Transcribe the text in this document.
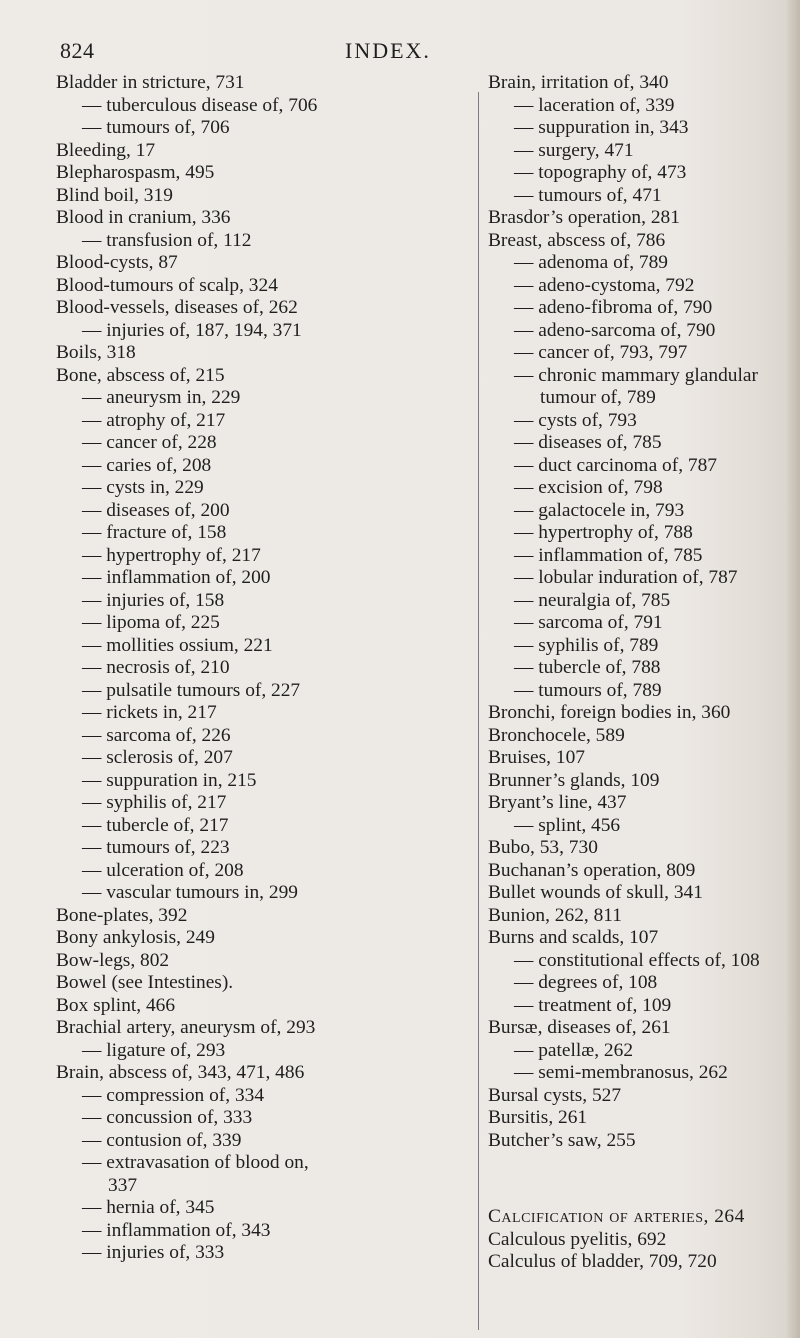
824	INDEX.
Bladder in stricture, 731
— tuberculous disease of, 706
— tumours of, 706
Bleeding, 17
Blepharospasm, 495
Blind boil, 319
Blood in cranium, 336
— transfusion of, 112
Blood-cysts, 87
Blood-tumours of scalp, 324
Blood-vessels, diseases of, 262
— injuries of, 187, 194, 371
Boils, 318
Bone, abscess of, 215
— aneurysm in, 229
— atrophy of, 217
— cancer of, 228
— caries of, 208
— cysts in, 229
— diseases of, 200
— fracture of, 158
— hypertrophy of, 217
— inflammation of, 200
— injuries of, 158
— lipoma of, 225
— mollities ossium, 221
— necrosis of, 210
— pulsatile tumours of, 227
— rickets in, 217
— sarcoma of, 226
— sclerosis of, 207
— suppuration in, 215
— syphilis of, 217
— tubercle of, 217
— tumours of, 223
— ulceration of, 208
— vascular tumours in, 299
Bone-plates, 392
Bony ankylosis, 249
Bow-legs, 802
Bowel (see Intestines).
Box splint, 466
Brachial artery, aneurysm of, 293
— ligature of, 293
Brain, abscess of, 343, 471, 486
— compression of, 334
— concussion of, 333
— contusion of, 339
— extravasation of blood on,
337
— hernia of, 345
— inflammation of, 343
— injuries of, 333
Brain, irritation of, 340
— laceration of, 339
— suppuration in, 343
— surgery, 471
— topography of, 473
— tumours of, 471
Brasdor’s operation, 281
Breast, abscess of, 786
— adenoma of, 789
— adeno-cystoma, 792
— adeno-fibroma of, 790
— adeno-sarcoma of, 790
— cancer of, 793, 797
— chronic mammary glandular
tumour of, 789
— cysts of, 793
— diseases of, 785
— duct carcinoma of, 787
— excision of, 798
— galactocele in, 793
— hypertrophy of, 788
— inflammation of, 785
— lobular induration of, 787
— neuralgia of, 785
— sarcoma of, 791
— syphilis of, 789
— tubercle of, 788
— tumours of, 789
Bronchi, foreign bodies in, 360
Bronchocele, 589
Bruises, 107
Brunner’s glands, 109
Bryant’s line, 437
— splint, 456
Bubo, 53, 730
Buchanan’s operation, 809
Bullet wounds of skull, 341
Bunion, 262, 811
Burns and scalds, 107
— constitutional effects of, 108
— degrees of, 108
— treatment of, 109
Bursæ, diseases of, 261
— patellæ, 262
— semi-membranosus, 262
Bursal cysts, 527
Bursitis, 261
Butcher’s saw, 255
Calcification of arteries, 264
Calculous pyelitis, 692
Calculus of bladder, 709, 720
